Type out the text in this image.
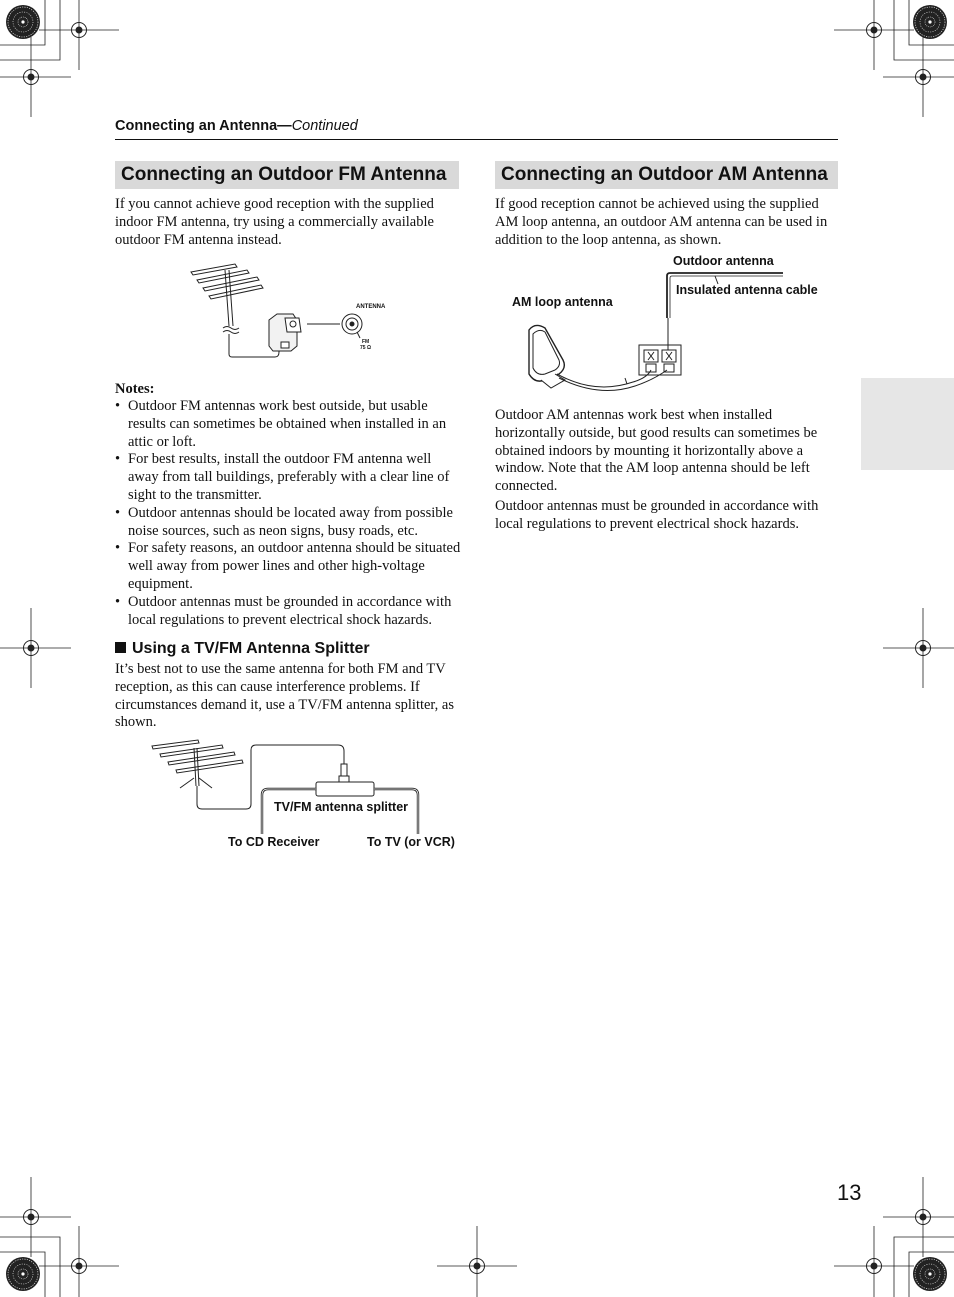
Connecting an Antenna—Continued
Connecting an Outdoor FM Antenna

If you cannot achieve good reception with the supplied indoor FM antenna, try using a commercially available outdoor FM antenna instead.

ANTENNA
FM
75 Ω
Notes:
• Outdoor FM antennas work best outside, but usable results can sometimes be obtained when installed in an attic or loft.
• For best results, install the outdoor FM antenna well away from tall buildings, preferably with a clear line of sight to the transmitter.
• Outdoor antennas should be located away from possible noise sources, such as neon signs, busy roads, etc.
• For safety reasons, an outdoor antenna should be situated well away from power lines and other high-voltage equipment.
• Outdoor antennas must be grounded in accordance with local regulations to prevent electrical shock hazards.
Using a TV/FM Antenna Splitter

It’s best not to use the same antenna for both FM and TV reception, as this can cause interference problems. If circumstances demand it, use a TV/FM antenna splitter, as shown.

TV/FM antenna splitter
To CD Receiver	To TV (or VCR)
Connecting an Outdoor AM Antenna

If good reception cannot be achieved using the supplied AM loop antenna, an outdoor AM antenna can be used in addition to the loop antenna, as shown.

Outdoor antenna
Insulated antenna cable
AM loop antenna

Outdoor AM antennas work best when installed horizontally outside, but good results can sometimes be obtained indoors by mounting it horizontally above a window. Note that the AM loop antenna should be left connected.

Outdoor antennas must be grounded in accordance with local regulations to prevent electrical shock hazards.

13
